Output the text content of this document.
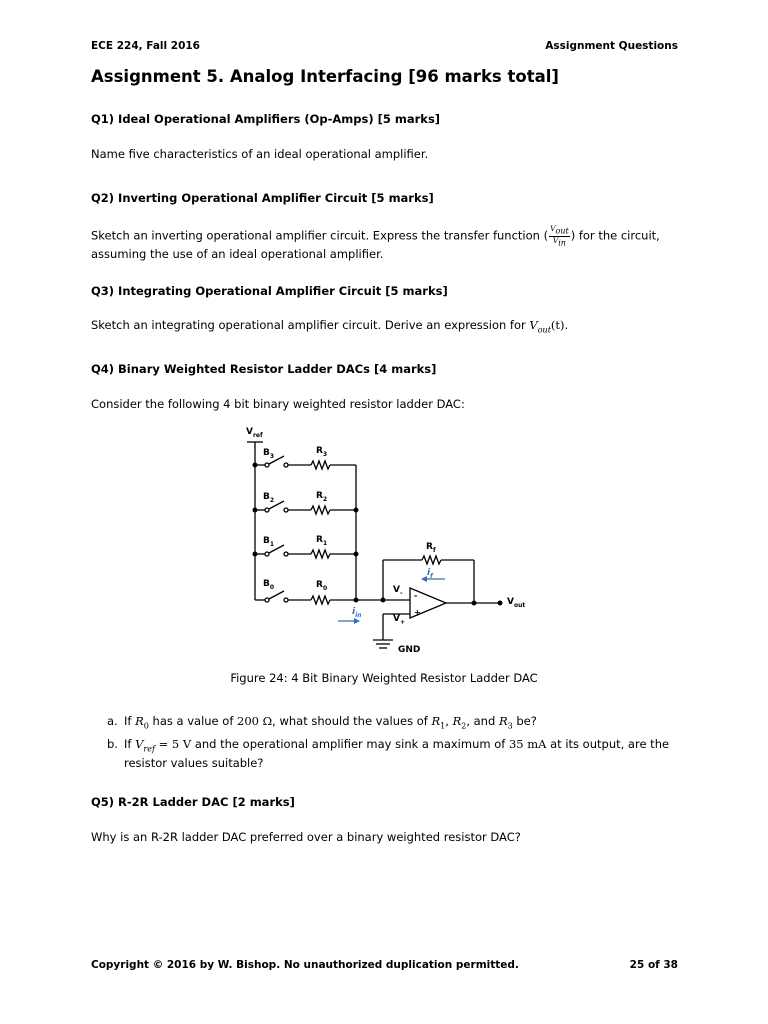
ECE 224, Fall 2016	Assignment Questions
Assignment 5. Analog Interfacing [96 marks total]
Q1) Ideal Operational Amplifiers (Op-Amps) [5 marks]
Name five characteristics of an ideal operational amplifier.
Q2) Inverting Operational Amplifier Circuit [5 marks]
Sketch an inverting operational amplifier circuit. Express the transfer function ( $\frac{V_{out}}{V_{in}}$ ) for the circuit, assuming the use of an ideal operational amplifier.
Q3) Integrating Operational Amplifier Circuit [5 marks]
Sketch an integrating operational amplifier circuit. Derive an expression for $V_{out}(t)$.
Q4) Binary Weighted Resistor Ladder DACs [4 marks]
Consider the following 4 bit binary weighted resistor ladder DAC:
$V_{ref}$
$B_3$
$R_3$
$B_2$	$R_2$
$B_1$	$R_1$
$B_0$	$R_0$
$R_f$
$V_-$
$V_+$
-
+
$V_{out}$
GND
$i_f$
$i_{in}$
Figure 24: 4 Bit Binary Weighted Resistor Ladder DAC
a. If $R_0$ has a value of 200 Ω, what should the values of $R_1$, $R_2$, and $R_3$ be?
b. If $V_{ref} = 5$ V and the operational amplifier may sink a maximum of 35 mA at its output, are the resistor values suitable?
Q5) R-2R Ladder DAC [2 marks]
Why is an R-2R ladder DAC preferred over a binary weighted resistor DAC?
Copyright © 2016 by W. Bishop. No unauthorized duplication permitted.	25 of 38
